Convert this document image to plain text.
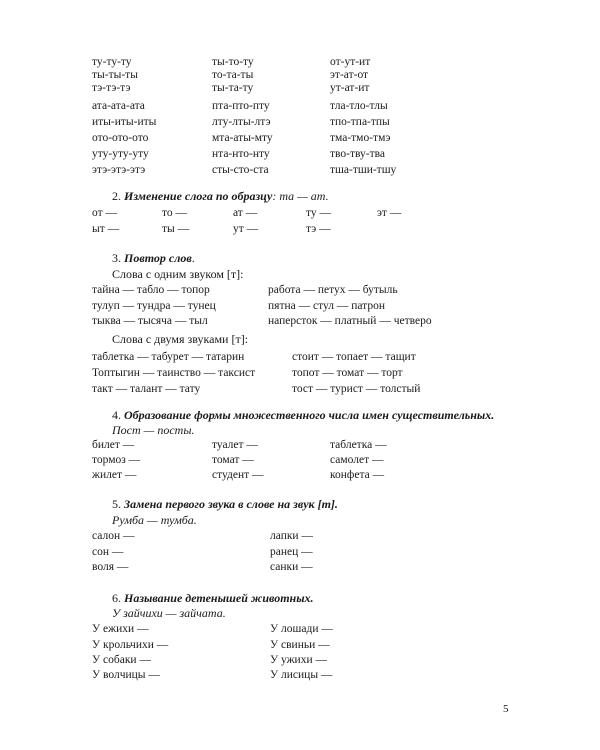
ту-ту-ту	ты-то-ту	от-ут-ит
ты-ты-ты	то-та-ты	эт-ат-от
тэ-тэ-тэ	ты-та-ту	ут-ат-ит
ата-ата-ата	пта-пто-пту	тла-тло-тлы
иты-иты-иты	лту-лты-лтэ	тпо-тпа-тпы
ото-ото-ото	мта-аты-мту	тма-тмо-тмэ
уту-уту-уту	нта-нто-нту	тво-тву-тва
этэ-этэ-этэ	сты-сто-ста	тша-тши-тшу
2. Изменение слога по образцу: та — ат.
от —	то —	ат —	ту —	эт —
ыт —	ты —	ут —	тэ —
3. Повтор слов.
Слова с одним звуком [т]:
тайна — табло — топор	работа — петух — бутыль
тулуп — тундра — тунец	пятна — стул — патрон
тыква — тысяча — тыл	наперсток — платный — четверо
Слова с двумя звуками [т]:
таблетка — табурет — татарин	стоит — топает — тащит
Топтыгин — таинство — таксист	топот — томат — торт
такт — талант — тату	тост — турист — толстый
4. Образование формы множественного числа имен существительных.
Пост — посты.
билет —	туалет —	таблетка —
тормоз —	томат —	самолет —
жилет —	студент —	конфета —
5. Замена первого звука в слове на звук [т].
Румба — тумба.
салон —	лапки —
сон —	ранец —
воля —	санки —
6. Называние детенышей животных.
У зайчихи — зайчата.
У ежихи —	У лошади —
У крольчихи —	У свиньи —
У собаки —	У ужихи —
У волчицы —	У лисицы —
5
